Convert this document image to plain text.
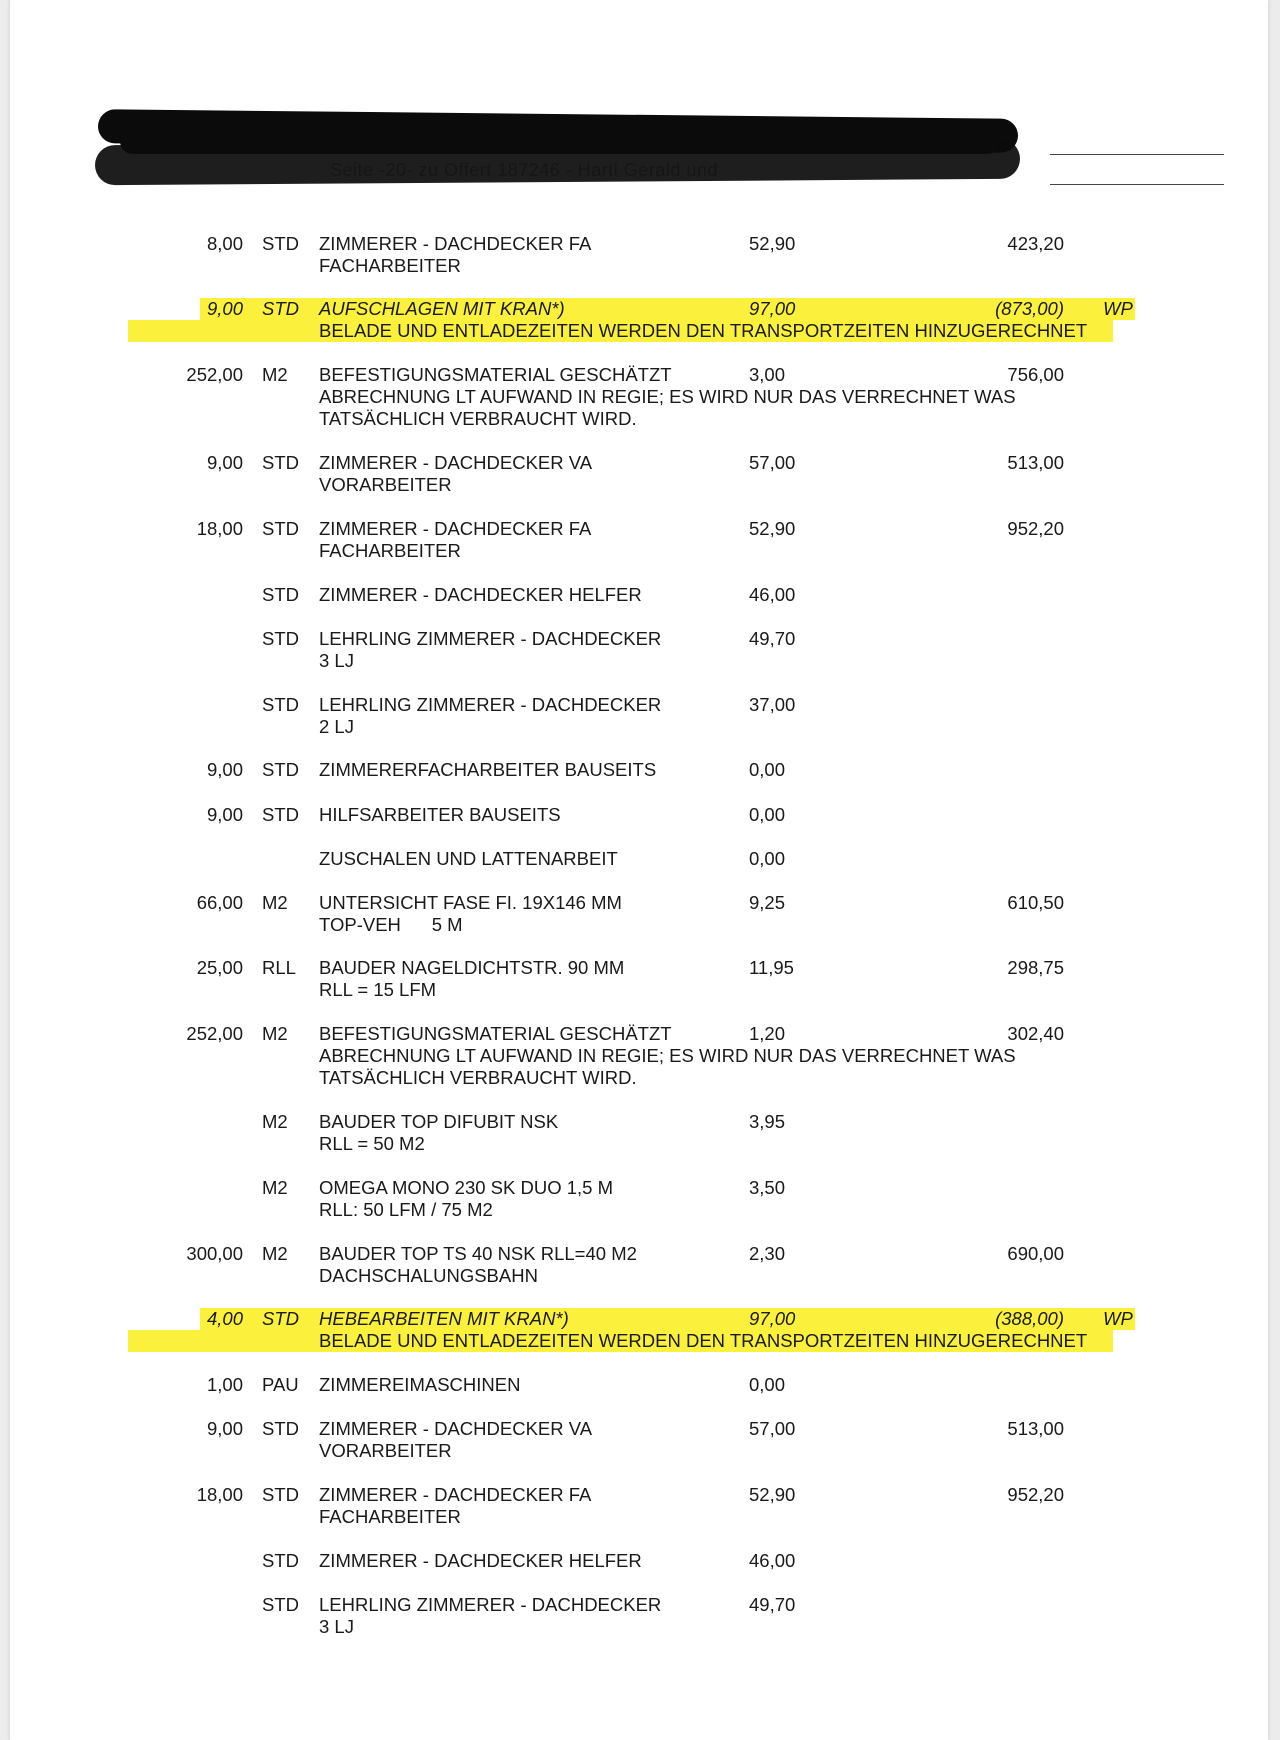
8,00 STD ZIMMERER - DACHDECKER FA
FACHARBEITER
52,90	423,20
9,00 STD AUFSCHLAGEN MIT KRAN*)
BELADE UND ENTLADEZEITEN WERDEN DEN TRANSPORTZEITEN HINZUGERECHNET
97,00	(873,00) WP
252,00 M2 BEFESTIGUNGSMATERIAL GESCHÄTZT
ABRECHNUNG LT AUFWAND IN REGIE; ES WIRD NUR DAS VERRECHNET WAS
TATSÄCHLICH VERBRAUCHT WIRD.
3,00	756,00
9,00 STD ZIMMERER - DACHDECKER VA
VORARBEITER
57,00	513,00
18,00 STD ZIMMERER - DACHDECKER FA
FACHARBEITER
52,90	952,20
STD ZIMMERER - DACHDECKER HELFER	46,00
STD LEHRLING ZIMMERER - DACHDECKER
3 LJ
49,70
STD LEHRLING ZIMMERER - DACHDECKER
2 LJ
37,00
9,00 STD ZIMMERERFACHARBEITER BAUSEITS	0,00
9,00 STD HILFSARBEITER BAUSEITS	0,00
ZUSCHALEN UND LATTENARBEIT	0,00
66,00 M2 UNTERSICHT FASE FI. 19X146 MM
TOP-VEH      5 M
9,25	610,50
25,00 RLL BAUDER NAGELDICHTSTR. 90 MM
RLL = 15 LFM
11,95	298,75
252,00 M2 BEFESTIGUNGSMATERIAL GESCHÄTZT
ABRECHNUNG LT AUFWAND IN REGIE; ES WIRD NUR DAS VERRECHNET WAS
TATSÄCHLICH VERBRAUCHT WIRD.
1,20	302,40
M2 BAUDER TOP DIFUBIT NSK
RLL = 50 M2
3,95
M2 OMEGA MONO 230 SK DUO 1,5 M
RLL: 50 LFM / 75 M2
3,50
300,00 M2 BAUDER TOP TS 40 NSK RLL=40 M2
DACHSCHALUNGSBAHN
2,30	690,00
4,00 STD HEBEARBEITEN MIT KRAN*)
BELADE UND ENTLADEZEITEN WERDEN DEN TRANSPORTZEITEN HINZUGERECHNET
97,00	(388,00) WP
1,00 PAU ZIMMEREIMASCHINEN	0,00
9,00 STD ZIMMERER - DACHDECKER VA
VORARBEITER
57,00	513,00
18,00 STD ZIMMERER - DACHDECKER FA
FACHARBEITER
52,90	952,20
STD ZIMMERER - DACHDECKER HELFER	46,00
STD LEHRLING ZIMMERER - DACHDECKER
3 LJ
49,70
